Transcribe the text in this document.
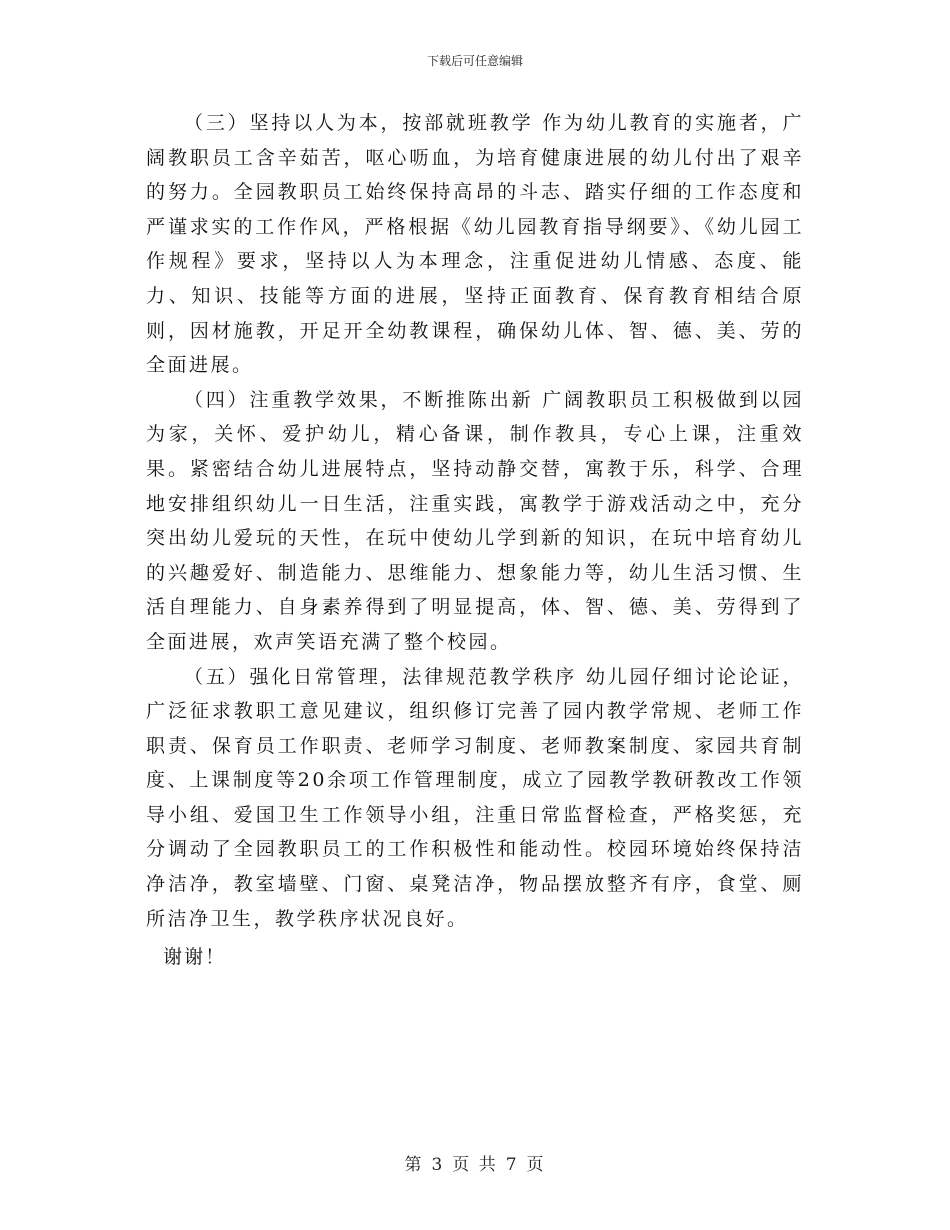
下载后可任意编辑

（三）坚持以人为本，按部就班教学 作为幼儿教育的实施者，广阔教职员工含辛茹苦，呕心呖血，为培育健康进展的幼儿付出了艰辛的努力。全园教职员工始终保持高昂的斗志、踏实仔细的工作态度和严谨求实的工作作风，严格根据《幼儿园教育指导纲要》、《幼儿园工作规程》要求，坚持以人为本理念，注重促进幼儿情感、态度、能力、知识、技能等方面的进展，坚持正面教育、保育教育相结合原则，因材施教，开足开全幼教课程，确保幼儿体、智、德、美、劳的全面进展。

（四）注重教学效果，不断推陈出新 广阔教职员工积极做到以园为家，关怀、爱护幼儿，精心备课，制作教具，专心上课，注重效果。紧密结合幼儿进展特点，坚持动静交替，寓教于乐，科学、合理地安排组织幼儿一日生活，注重实践，寓教学于游戏活动之中，充分突出幼儿爱玩的天性，在玩中使幼儿学到新的知识，在玩中培育幼儿的兴趣爱好、制造能力、思维能力、想象能力等，幼儿生活习惯、生活自理能力、自身素养得到了明显提高，体、智、德、美、劳得到了全面进展，欢声笑语充满了整个校园。

（五）强化日常管理，法律规范教学秩序 幼儿园仔细讨论论证，广泛征求教职工意见建议，组织修订完善了园内教学常规、老师工作职责、保育员工作职责、老师学习制度、老师教案制度、家园共育制度、上课制度等20余项工作管理制度，成立了园教学教研教改工作领导小组、爱国卫生工作领导小组，注重日常监督检查，严格奖惩，充分调动了全园教职员工的工作积极性和能动性。校园环境始终保持洁净洁净，教室墙壁、门窗、桌凳洁净，物品摆放整齐有序，食堂、厕所洁净卫生，教学秩序状况良好。

谢谢！

第 3 页 共 7 页
